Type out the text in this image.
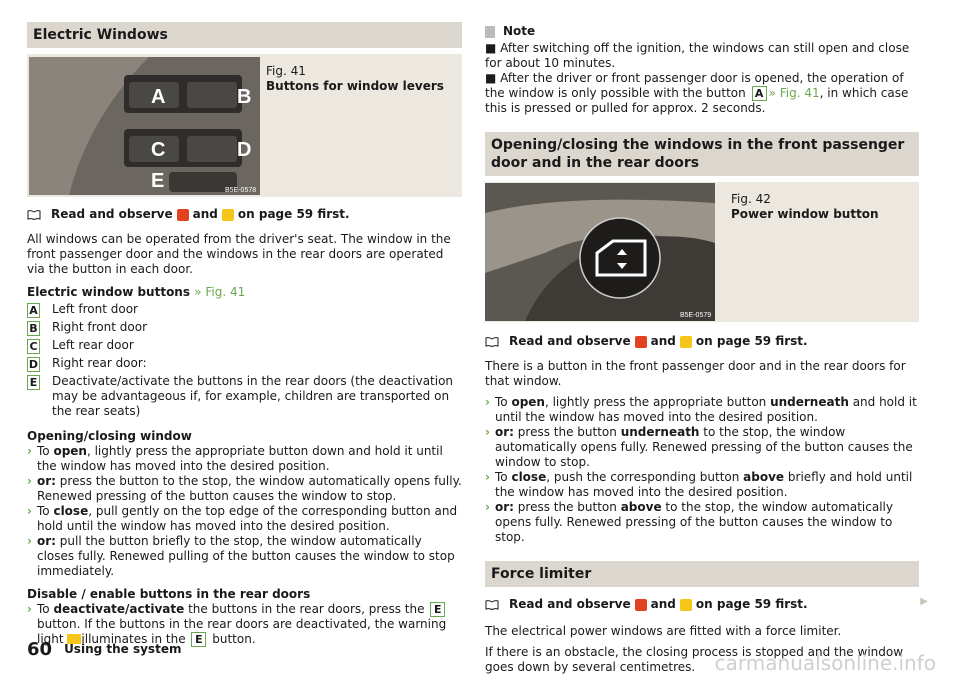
Electric Windows
A	B
C	D
E	B5E-0578
Fig. 41
Buttons for window levers
Read and observe and on page 59 first.

All windows can be operated from the driver's seat. The window in the front passenger door and the windows in the rear doors are operated via the button in each door.

Electric window buttons » Fig. 41
A Left front door
B Right front door
C Left rear door
D Right rear door:
E Deactivate/activate the buttons in the rear doors (the deactivation may be advantageous if, for example, children are transported on the rear seats)
Opening/closing window
› To open, lightly press the appropriate button down and hold it until the window has moved into the desired position.
› or: press the button to the stop, the window automatically opens fully. Renewed pressing of the button causes the window to stop.
› To close, pull gently on the top edge of the corresponding button and hold until the window has moved into the desired position.
› or: pull the button briefly to the stop, the window automatically closes fully. Renewed pulling of the button causes the window to stop immediately.
Disable / enable buttons in the rear doors
› To deactivate/activate the buttons in the rear doors, press the E button. If the buttons in the rear doors are deactivated, the warning light illuminates in the E button.
Note
■ After switching off the ignition, the windows can still open and close for about 10 minutes.
■ After the driver or front passenger door is opened, the operation of the window is only possible with the button A » Fig. 41, in which case this is pressed or pulled for approx. 2 seconds.
Opening/closing the windows in the front passenger door and in the rear doors
B5E-0579
Fig. 42
Power window button
Read and observe and on page 59 first.

There is a button in the front passenger door and in the rear doors for that window.

› To open, lightly press the appropriate button underneath and hold it until the window has moved into the desired position.
› or: press the button underneath to the stop, the window automatically opens fully. Renewed pressing of the button causes the window to stop.
› To close, push the corresponding button above briefly and hold until the window has moved into the desired position.
› or: press the button above to the stop, the window automatically opens fully. Renewed pressing of the button causes the window to stop.
Force limiter
Read and observe and on page 59 first.

The electrical power windows are fitted with a force limiter.

If there is an obstacle, the closing process is stopped and the window goes down by several centimetres.

▶
60 Using the system
carmanualsonline.info
